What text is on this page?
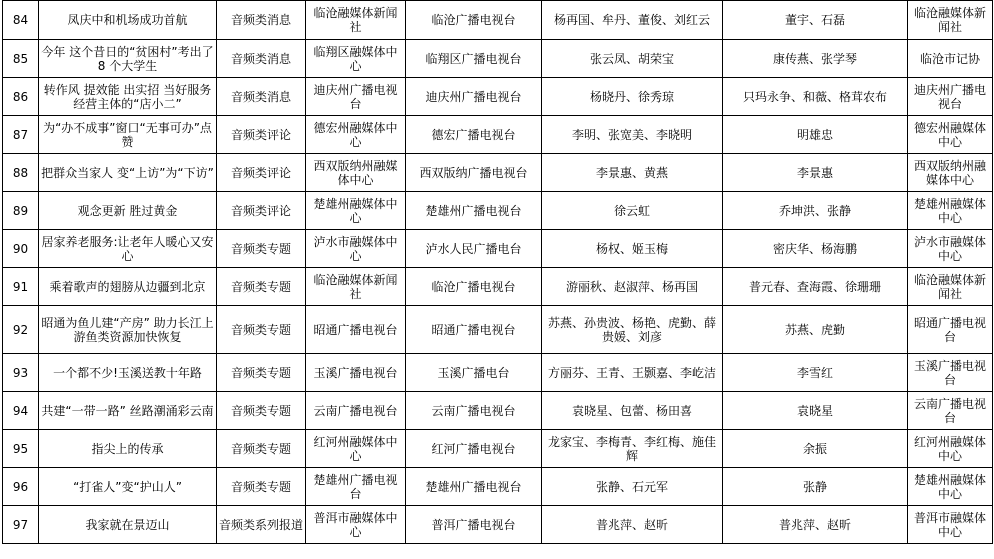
84	凤庆中和机场成功首航	音频类消息	临沧融媒体新闻社	临沧广播电视台	杨再国、牟丹、董俊、刘红云	董宇、石磊	临沧融媒体新闻社
85	今年 这个昔日的“贫困村”考出了 8 个大学生	音频类消息	临翔区融媒体中心	临翔区广播电视台	张云凤、胡荣宝	康传燕、张学琴	临沧市记协
86	转作风 提效能 出实招 当好服务经营主体的“店小二”	音频类消息	迪庆州广播电视台	迪庆州广播电视台	杨晓丹、徐秀琼	只玛永争、和薇、格茸农布	迪庆州广播电视台
87	为“办不成事”窗口“无事可办”点赞	音频类评论	德宏州融媒体中心	德宏广播电视台	李明、张宽美、李晓明	明雄忠	德宏州融媒体中心
88	把群众当家人 变“上访”为“下访”	音频类评论	西双版纳州融媒体中心	西双版纳广播电视台	李景惠、黄燕	李景惠	西双版纳州融媒体中心
89	观念更新 胜过黄金	音频类评论	楚雄州融媒体中心	楚雄州广播电视台	徐云虹	乔坤洪、张静	楚雄州融媒体中心
90	居家养老服务:让老年人暖心又安心	音频类专题	泸水市融媒体中心	泸水人民广播电台	杨权、姬玉梅	密庆华、杨海鹏	泸水市融媒体中心
91	乘着歌声的翅膀从边疆到北京	音频类专题	临沧融媒体新闻社	临沧广播电视台	游丽秋、赵淑萍、杨再国	普元春、查海霞、徐珊珊	临沧融媒体新闻社
92	昭通为鱼儿建“产房” 助力长江上游鱼类资源加快恢复	音频类专题	昭通广播电视台	昭通广播电视台	苏燕、孙贵波、杨艳、虎勤、薛贵媛、刘彦	苏燕、虎勤	昭通广播电视台
93	一个都不少!玉溪送教十年路	音频类专题	玉溪广播电视台	玉溪广播电台	方丽芬、王青、王颢嘉、李屹洁	李雪红	玉溪广播电视台
94	共建“一带一路” 丝路潮涌彩云南	音频类专题	云南广播电视台	云南广播电视台	袁晓星、包蕾、杨田喜	袁晓星	云南广播电视台
95	指尖上的传承	音频类专题	红河州融媒体中心	红河广播电视台	龙家宝、李梅青、李红梅、施佳辉	余振	红河州融媒体中心
96	“打雀人”变“护山人”	音频类专题	楚雄州广播电视台	楚雄州广播电视台	张静、石元军	张静	楚雄州融媒体中心
97	我家就在景迈山	音频类系列报道	普洱市融媒体中心	普洱广播电视台	普兆萍、赵昕	普兆萍、赵昕	普洱市融媒体中心
